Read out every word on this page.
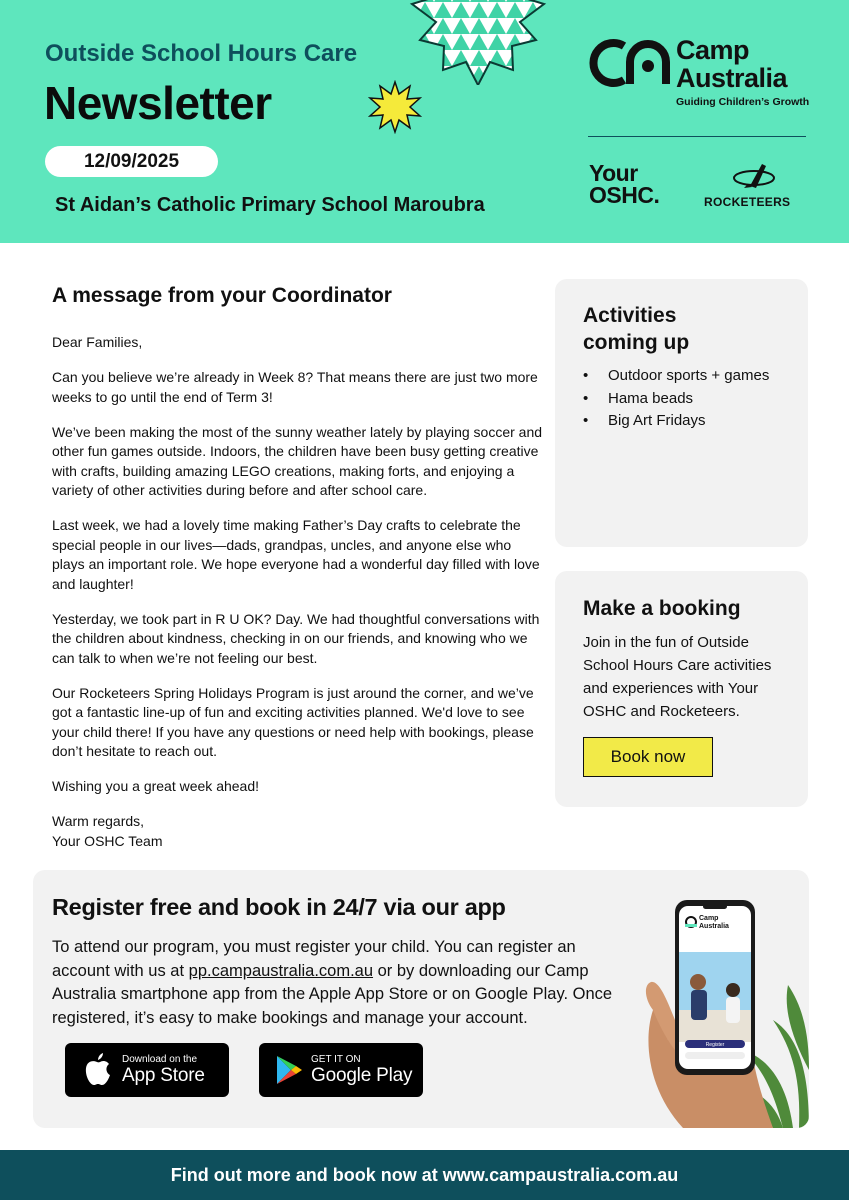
Outside School Hours Care
Newsletter
12/09/2025
St Aidan’s Catholic Primary School Maroubra
Camp
Australia
Guiding Children’s Growth
Your
OSHC.	ROCKETEERS
A message from your Coordinator

Dear Families,

Can you believe we’re already in Week 8? That means there are just two more weeks to go until the end of Term 3!

We’ve been making the most of the sunny weather lately by playing soccer and other fun games outside. Indoors, the children have been busy getting creative with crafts, building amazing LEGO creations, making forts, and enjoying a variety of other activities during before and after school care.

Last week, we had a lovely time making Father’s Day crafts to celebrate the special people in our lives—dads, grandpas, uncles, and anyone else who plays an important role. We hope everyone had a wonderful day filled with love and laughter!

Yesterday, we took part in R U OK? Day. We had thoughtful conversations with the children about kindness, checking in on our friends, and knowing who we can talk to when we’re not feeling our best.

Our Rocketeers Spring Holidays Program is just around the corner, and we’ve got a fantastic line-up of fun and exciting activities planned. We'd love to see your child there! If you have any questions or need help with bookings, please don’t hesitate to reach out.

Wishing you a great week ahead!

Warm regards,
Your OSHC Team
Activities
coming up
• Outdoor sports + games
• Hama beads
• Big Art Fridays
Make a booking
Join in the fun of Outside School Hours Care activities and experiences with Your OSHC and Rocketeers.
Book now
Register free and book in 24/7 via our app
To attend our program, you must register your child. You can register an account with us at pp.campaustralia.com.au or by downloading our Camp Australia smartphone app from the Apple App Store or on Google Play. Once registered, it’s easy to make bookings and manage your account.
Download on the
App Store
GET IT ON
Google Play
Camp
Australia
Register
Find out more and book now at www.campaustralia.com.au
